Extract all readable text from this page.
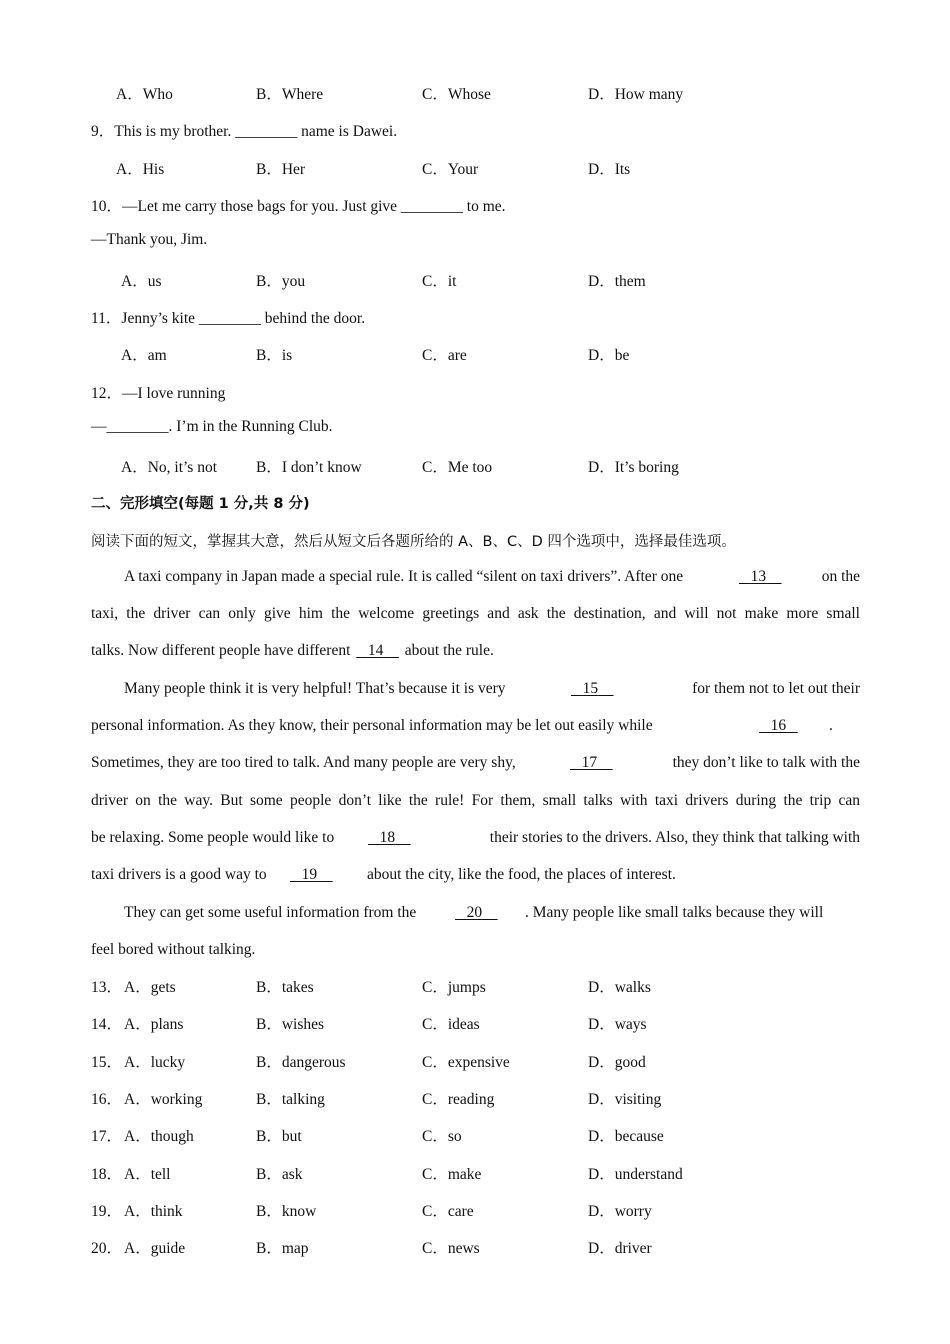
A．Who	B．Where	C．Whose	D．How many
9．This is my brother. ________ name is Dawei.
A．His	B．Her	C．Your	D．Its
10．—Let me carry those bags for you. Just give ________ to me.
—Thank you, Jim.
A．us	B．you	C．it	D．them
11．Jenny’s kite ________ behind the door.
A．am	B．is	C．are	D．be
12．—I love running
—________. I’m in the Running Club.
A．No, it’s not	B．I don’t know	C．Me too	D．It’s boring
二、完形填空(每题 1 分,共 8 分)
阅读下面的短文，掌握其大意，然后从短文后各题所给的 A、B、C、D 四个选项中，选择最佳选项。
A taxi company in Japan made a special rule. It is called “silent on taxi drivers”. After one	13	on the
taxi, the driver can only give him the welcome greetings and ask the destination, and will not make more small
talks. Now different people have different 14 about the rule.
Many people think it is very helpful! That’s because it is very	15	for them not to let out their
personal information. As they know, their personal information may be let out easily while	16	.
Sometimes, they are too tired to talk. And many people are very shy,	17	they don’t like to talk with the
driver on the way. But some people don’t like the rule! For them, small talks with taxi drivers during the trip can
be relaxing. Some people would like to	18	their stories to the drivers. Also, they think that talking with
taxi drivers is a good way to	19	about the city, like the food, the places of interest.
They can get some useful information from the	20	. Many people like small talks because they will
feel bored without talking.
13． A．gets	B．takes	C．jumps	D．walks
14． A．plans	B．wishes	C．ideas	D．ways
15． A．lucky	B．dangerous	C．expensive	D．good
16． A．working	B．talking	C．reading	D．visiting
17． A．though	B．but	C．so	D．because
18． A．tell	B．ask	C．make	D．understand
19． A．think	B．know	C．care	D．worry
20． A．guide	B．map	C．news	D．driver
